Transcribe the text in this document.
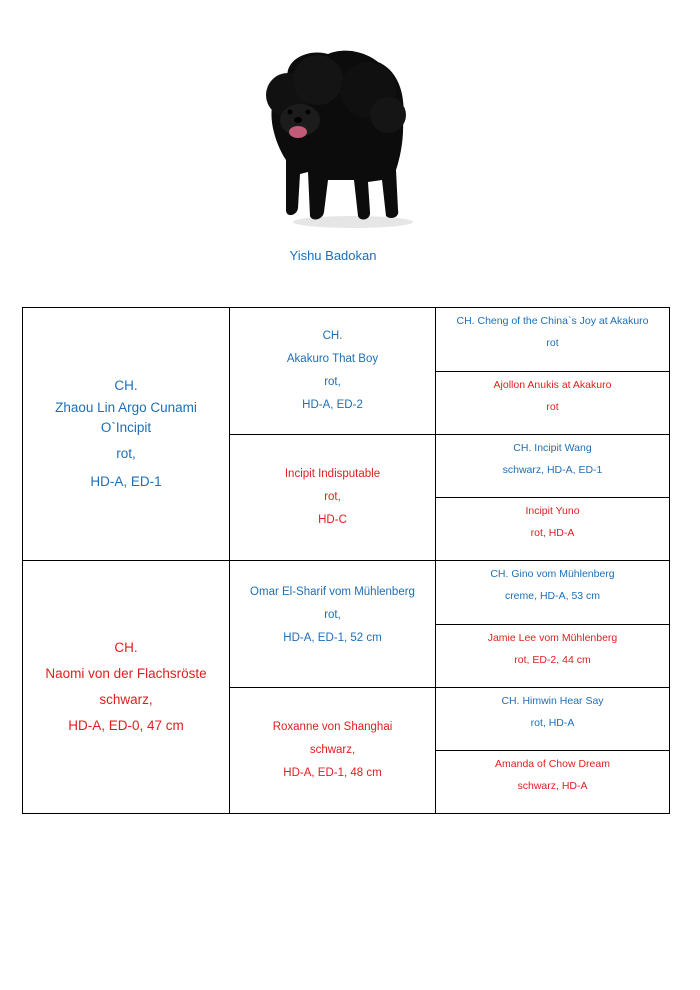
Yishu Badokan
CH.
Zhaou Lin Argo Cunami O`Incipit
rot,
HD-A, ED-1
CH.
Naomi von der Flachsröste
schwarz,
HD-A, ED-0, 47 cm
CH.
Akakuro That Boy
rot,
HD-A, ED-2
Incipit Indisputable
rot,
HD-C
Omar El-Sharif vom Mühlenberg
rot,
HD-A, ED-1, 52 cm
Roxanne von Shanghai
schwarz,
HD-A, ED-1, 48 cm
CH. Cheng of the China`s Joy at Akakuro
rot
Ajollon Anukis at Akakuro
rot
CH. Incipit Wang
schwarz, HD-A, ED-1
Incipit Yuno
rot, HD-A
CH. Gino vom Mühlenberg
creme, HD-A, 53 cm
Jamie Lee vom Mühlenberg
rot, ED-2, 44 cm
CH. Himwin Hear Say
rot, HD-A
Amanda of Chow Dream
schwarz, HD-A
